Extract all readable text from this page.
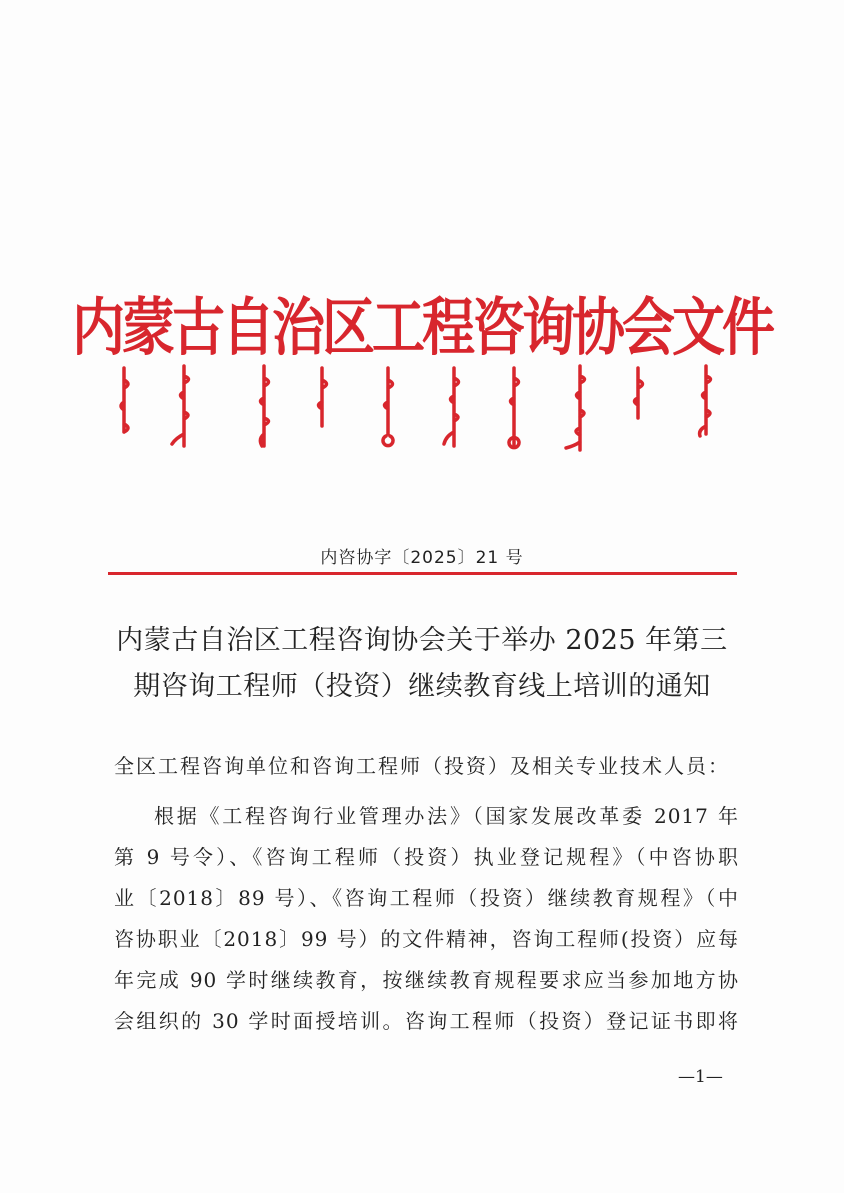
内蒙古自治区工程咨询协会文件
内咨协字〔2025〕21 号
内蒙古自治区工程咨询协会关于举办 2025 年第三
期咨询工程师（投资）继续教育线上培训的通知
全区工程咨询单位和咨询工程师（投资）及相关专业技术人员：
根据《工程咨询行业管理办法》（国家发展改革委 2017 年
第 9 号令）、《咨询工程师（投资）执业登记规程》（中咨协职
业〔2018〕89 号）、《咨询工程师（投资）继续教育规程》（中
咨协职业〔2018〕99 号）的文件精神，咨询工程师(投资）应每
年完成 90 学时继续教育，按继续教育规程要求应当参加地方协
会组织的 30 学时面授培训。咨询工程师（投资）登记证书即将
—1—
